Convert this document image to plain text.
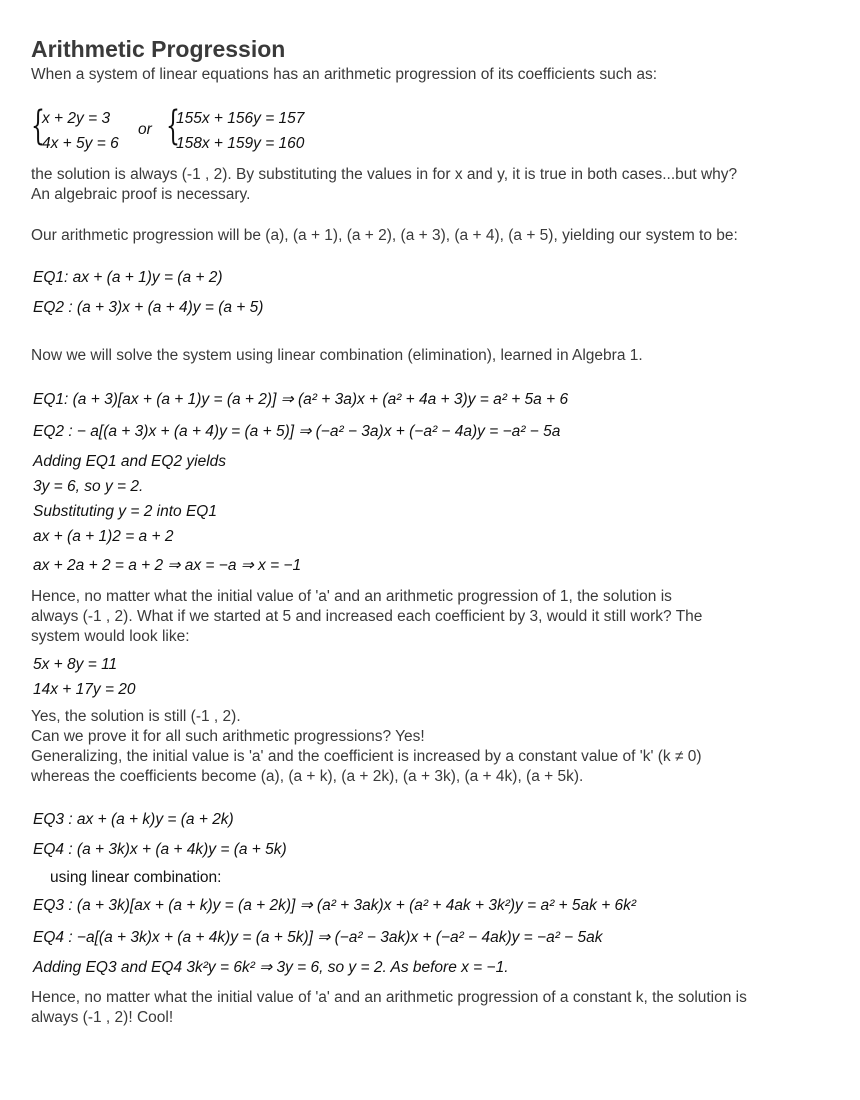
Arithmetic Progression

When a system of linear equations has an arithmetic progression of its coefficients such as:

{
x + 2y = 3
4x + 5y = 6
or {
155x + 156y = 157
158x + 159y = 160

the solution is always (-1 , 2). By substituting the values in for x and y, it is true in both cases...but why?

An algebraic proof is necessary.

Our arithmetic progression will be (a), (a + 1), (a + 2), (a + 3), (a + 4), (a + 5), yielding our system to be:

EQ1: ax + (a + 1)y = (a + 2)
EQ2 : (a + 3)x + (a + 4)y = (a + 5)

Now we will solve the system using linear combination (elimination), learned in Algebra 1.

EQ1: (a + 3)[ax + (a + 1)y = (a + 2)] ⇒ (a² + 3a)x + (a² + 4a + 3)y = a² + 5a + 6
EQ2 : − a[(a + 3)x + (a + 4)y = (a + 5)] ⇒ (−a² − 3a)x + (−a² − 4a)y = −a² − 5a
Adding EQ1 and EQ2 yields
3y = 6, so y = 2.
Substituting y = 2 into EQ1
ax + (a + 1)2 = a + 2
ax + 2a + 2 = a + 2 ⇒ ax = −a ⇒ x = −1

Hence, no matter what the initial value of 'a' and an arithmetic progression of 1, the solution is

always (-1 , 2). What if we started at 5 and increased each coefficient by 3, would it still work? The

system would look like:

5x + 8y = 11
14x + 17y = 20

Yes, the solution is still (-1 , 2).

Can we prove it for all such arithmetic progressions? Yes!

Generalizing, the initial value is 'a' and the coefficient is increased by a constant value of 'k' (k ≠ 0)

whereas the coefficients become (a), (a + k), (a + 2k), (a + 3k), (a + 4k), (a + 5k).

EQ3 : ax + (a + k)y = (a + 2k)
EQ4 : (a + 3k)x + (a + 4k)y = (a + 5k)
using linear combination:
EQ3 : (a + 3k)[ax + (a + k)y = (a + 2k)] ⇒ (a² + 3ak)x + (a² + 4ak + 3k²)y = a² + 5ak + 6k²
EQ4 : −a[(a + 3k)x + (a + 4k)y = (a + 5k)] ⇒ (−a² − 3ak)x + (−a² − 4ak)y = −a² − 5ak
Adding EQ3 and EQ4 3k²y = 6k² ⇒ 3y = 6, so y = 2. As before x = −1.

Hence, no matter what the initial value of 'a' and an arithmetic progression of a constant k, the solution is

always (-1 , 2)! Cool!
